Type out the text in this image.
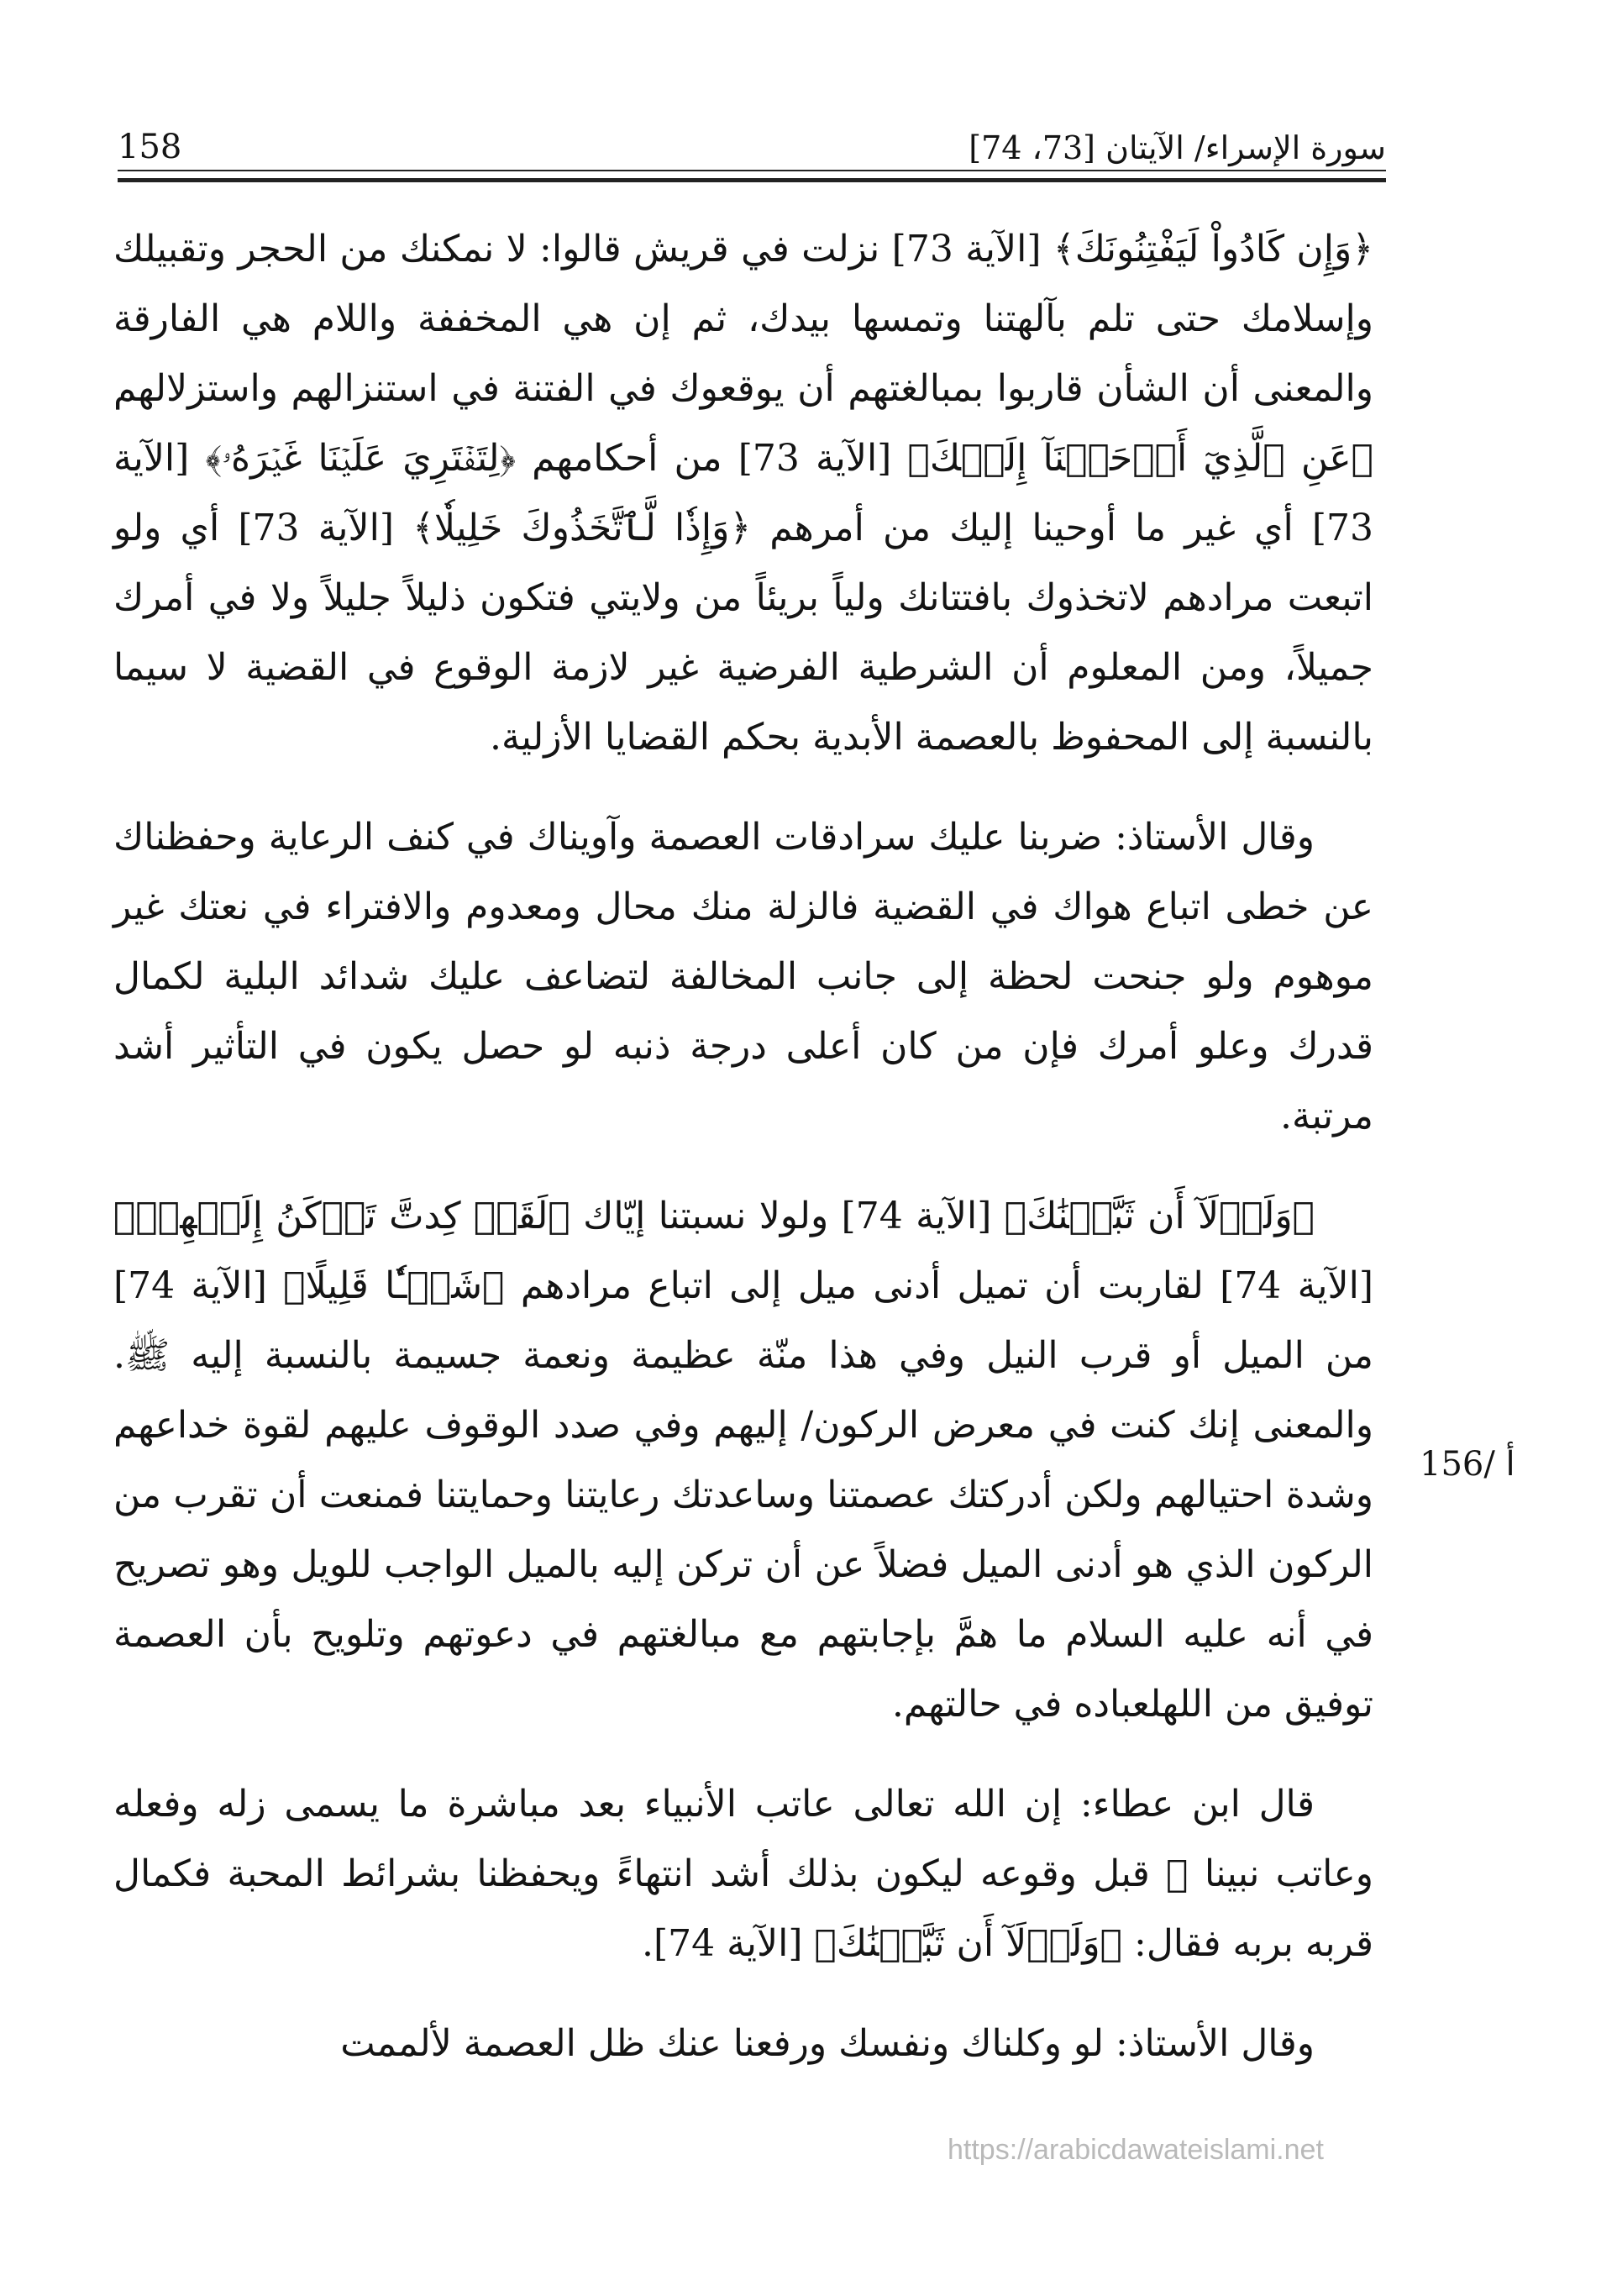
سورة الإسراء/ الآيتان [73، 74]
158

﴿وَإِن كَادُواْ لَيَفْتِنُونَكَ﴾ [الآية 73] نزلت في قريش قالوا: لا نمكنك من الحجر وتقبيلك وإسلامك حتى تلم بآلهتنا وتمسها بيدك، ثم إن هي المخففة واللام هي الفارقة والمعنى أن الشأن قاربوا بمبالغتهم أن يوقعوك في الفتنة في استنزالهم واستزلالهم ﴿عَنِ ٱلَّذِيٓ أَوۡحَيۡنَآ إِلَيۡكَ﴾ [الآية 73] من أحكامهم ﴿لِتَفۡتَرِيَ عَلَيۡنَا غَيۡرَهُۥ﴾ [الآية 73] أي غير ما أوحينا إليك من أمرهم ﴿وَإِذٗا لَّٱتَّخَذُوكَ خَلِيلٗا﴾ [الآية 73] أي ولو اتبعت مرادهم لاتخذوك بافتتانك ولياً بريئاً من ولايتي فتكون ذليلاً جليلاً ولا في أمرك جميلاً، ومن المعلوم أن الشرطية الفرضية غير لازمة الوقوع في القضية لا سيما بالنسبة إلى المحفوظ بالعصمة الأبدية بحكم القضايا الأزلية.

وقال الأستاذ: ضربنا عليك سرادقات العصمة وآويناك في كنف الرعاية وحفظناك عن خطى اتباع هواك في القضية فالزلة منك محال ومعدوم والافتراء في نعتك غير موهوم ولو جنحت لحظة إلى جانب المخالفة لتضاعف عليك شدائد البلية لكمال قدرك وعلو أمرك فإن من كان أعلى درجة ذنبه لو حصل يكون في التأثير أشد مرتبة.

﴿وَلَوۡلَآ أَن ثَبَّتۡنَٰكَ﴾ [الآية 74] ولولا نسبتنا إيّاك ﴿لَقَدۡ كِدتَّ تَرۡكَنُ إِلَيۡهِمۡ﴾ [الآية 74] لقاربت أن تميل أدنى ميل إلى اتباع مرادهم ﴿شَيۡـٔٗا قَلِيلًا﴾ [الآية 74] من الميل أو قرب النيل وفي هذا منّة عظيمة ونعمة جسيمة بالنسبة إليه ﷺ. والمعنى إنك كنت في معرض الركون/ إليهم وفي صدد الوقوف عليهم لقوة خداعهم وشدة احتيالهم ولكن أدركتك عصمتنا وساعدتك رعايتنا وحمايتنا فمنعت أن تقرب من الركون الذي هو أدنى الميل فضلاً عن أن تركن إليه بالميل الواجب للويل وهو تصريح في أنه عليه السلام ما همَّ بإجابتهم مع مبالغتهم في دعوتهم وتلويح بأن العصمة توفيق من اللهلعباده في حالتهم.

قال ابن عطاء: إن الله تعالى عاتب الأنبياء بعد مباشرة ما يسمى زله وفعله وعاتب نبينا ﷺ قبل وقوعه ليكون بذلك أشد انتهاءً ويحفظنا بشرائط المحبة فكمال قربه بربه فقال: ﴿وَلَوۡلَآ أَن ثَبَّتۡنَٰكَ﴾ [الآية 74].

وقال الأستاذ: لو وكلناك ونفسك ورفعنا عنك ظل العصمة لألممت

156/ أ
https://arabicdawateislami.net
